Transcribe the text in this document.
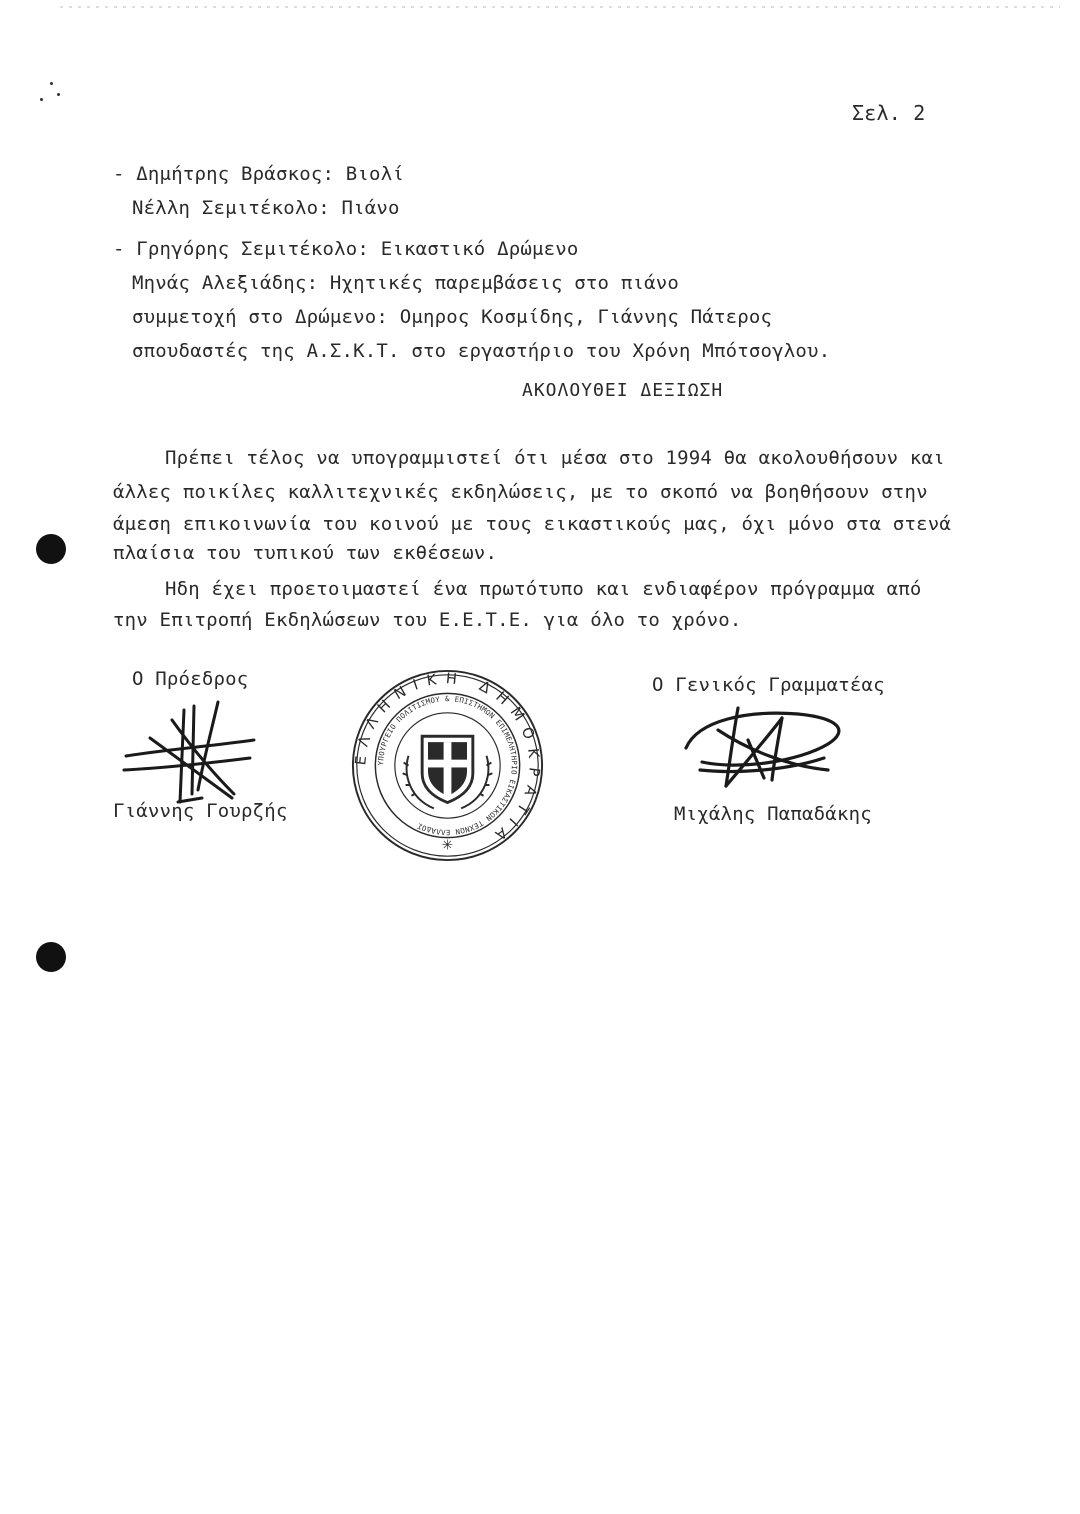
Σελ. 2
- Δημήτρης Βράσκος: Βιολί
Νέλλη Σεμιτέκολο: Πιάνο
- Γρηγόρης Σεμιτέκολο: Εικαστικό Δρώμενο
Μηνάς Αλεξιάδης: Ηχητικές παρεμβάσεις στο πιάνο
συμμετοχή στο Δρώμενο: Ομηρος Κοσμίδης, Γιάννης Πάτερος
σπουδαστές της Α.Σ.Κ.Τ. στο εργαστήριο του Χρόνη Μπότσογλου.
ΑΚΟΛΟΥΘΕΙ ΔΕΞΙΩΣΗ
Πρέπει τέλος να υπογραμμιστεί ότι μέσα στο 1994 θα ακολουθήσουν και
άλλες ποικίλες καλλιτεχνικές εκδηλώσεις, με το σκοπό να βοηθήσουν στην
άμεση επικοινωνία του κοινού με τους εικαστικούς μας, όχι μόνο στα στενά
πλαίσια του τυπικού των εκθέσεων.
Ηδη έχει προετοιμαστεί ένα πρωτότυπο και ενδιαφέρον πρόγραμμα από
την Επιτροπή Εκδηλώσεων του Ε.Ε.Τ.Ε. για όλο το χρόνο.
Ο Πρόεδρος
Γιάννης Γουρζής
Ο Γενικός Γραμματέας
Μιχάλης Παπαδάκης
ΕΛΛΗΝΙΚΗ ΔΗΜΟΚΡΑΤΙΑ
ΥΠΟΥΡΓΕΙΟ ΠΟΛΙΤΙΣΜΟΥ & ΕΠΙΣΤΗΜΩΝ ΕΠΙΜΕΛΗΤΗΡΙΟ ΕΙΚΑΣΤΙΚΩΝ ΤΕΧΝΩΝ ΕΛΛΑΔΟΣ
✳
